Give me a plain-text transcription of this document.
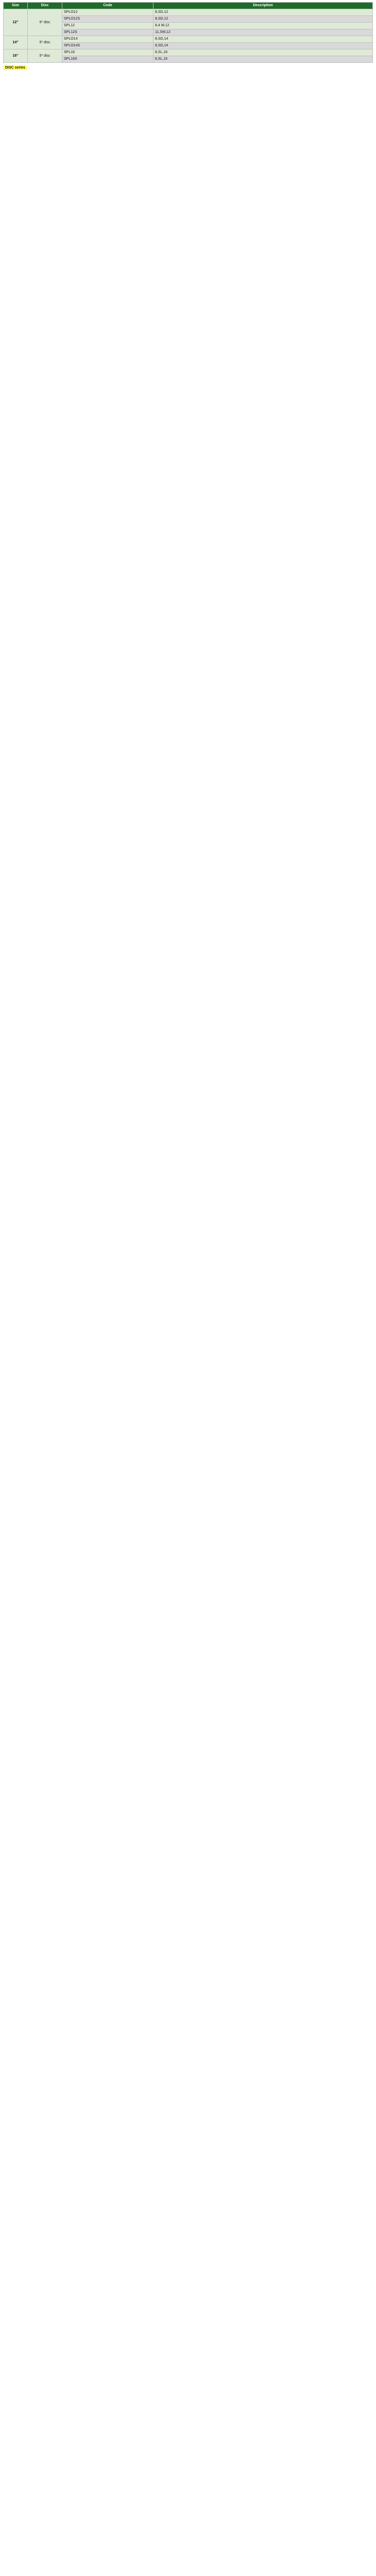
Size	Disc	Code	Description
12"	5* disc	SPLO12	8,SD,12
		SPLO12S	8,SD,12
		SPL12	8,4 W,12
		SPL12S	11,SW,12
14"	5* disc	SPLO14	8,SD,14
		SPLO14S	8,SD,14
16"	5* disc	SPL16	8,SL,16
		SPL16S	8,SL,16
DISC series
